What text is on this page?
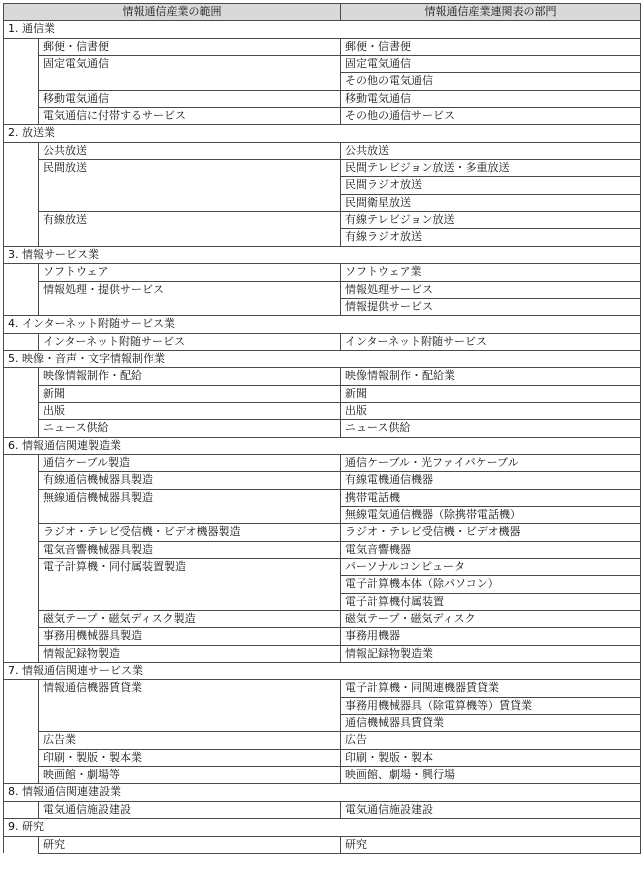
情報通信産業の範囲		情報通信産業連関表の部門
1. 通信業		
	郵便・信書便	郵便・信書便
	固定電気通信	固定電気通信
		その他の電気通信
	移動電気通信	移動電気通信
	電気通信に付帯するサービス	その他の通信サービス
2. 放送業		
	公共放送	公共放送
	民間放送	民間テレビジョン放送・多重放送
		民間ラジオ放送
		民間衛星放送
	有線放送	有線テレビジョン放送
		有線ラジオ放送
3. 情報サービス業		
	ソフトウェア	ソフトウェア業
	情報処理・提供サービス	情報処理サービス
		情報提供サービス
4. インターネット附随サービス業		
	インターネット附随サービス	インターネット附随サービス
5. 映像・音声・文字情報制作業		
	映像情報制作・配給	映像情報制作・配給業
	新聞	新聞
	出版	出版
	ニュース供給	ニュース供給
6. 情報通信関連製造業		
	通信ケーブル製造	通信ケーブル・光ファイバケーブル
	有線通信機械器具製造	有線電機通信機器
	無線通信機械器具製造	携帯電話機
		無線電気通信機器（除携帯電話機）
	ラジオ・テレビ受信機・ビデオ機器製造	ラジオ・テレビ受信機・ビデオ機器
	電気音響機械器具製造	電気音響機器
	電子計算機・同付属装置製造	パーソナルコンピュータ
		電子計算機本体（除パソコン）
		電子計算機付属装置
	磁気テープ・磁気ディスク製造	磁気テープ・磁気ディスク
	事務用機械器具製造	事務用機器
	情報記録物製造	情報記録物製造業
7. 情報通信関連サービス業		
	情報通信機器賃貸業	電子計算機・同関連機器賃貸業
		事務用機械器具（除電算機等）賃貸業
		通信機械器具賃貸業
	広告業	広告
	印刷・製版・製本業	印刷・製版・製本
	映画館・劇場等	映画館、劇場・興行場
8. 情報通信関連建設業		
	電気通信施設建設	電気通信施設建設
9. 研究		
	研究	研究
